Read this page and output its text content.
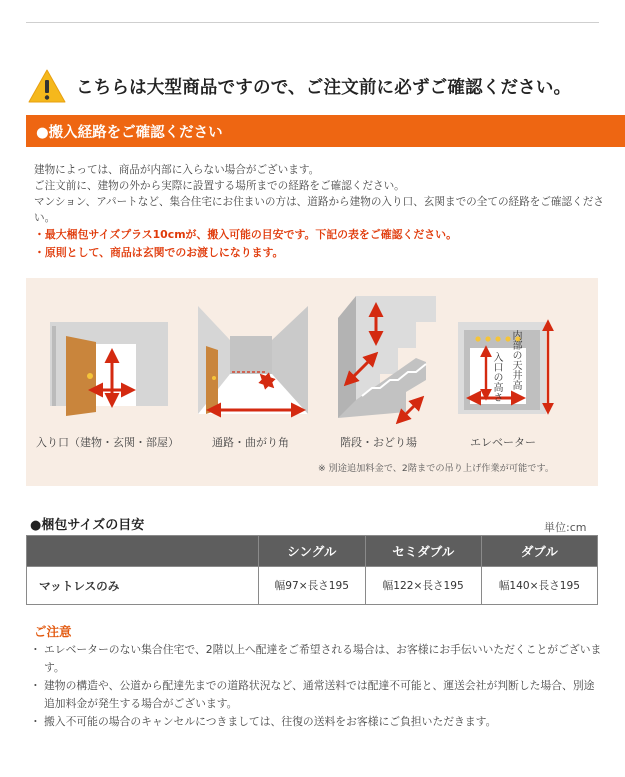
こちらは大型商品ですので、ご注文前に必ずご確認ください。
●搬入経路をご確認ください

建物によっては、商品が内部に入らない場合がございます。

ご注文前に、建物の外から実際に設置する場所までの経路をご確認ください。

マンション、アパートなど、集合住宅にお住まいの方は、道路から建物の入り口、玄関までの全ての経路をご確認ください。

・最大梱包サイズプラス10cmが、搬入可能の目安です。下記の表をご確認ください。

・原則として、商品は玄関でのお渡しになります。

内部の天井高
入口の高さ
入り口（建物・玄関・部屋）	通路・曲がり角	階段・おどり場	エレベーター
※ 別途追加料金で、2階までの吊り上げ作業が可能です。
●梱包サイズの目安	単位:cm
	シングル	セミダブル	ダブル
マットレスのみ	幅97×長さ195	幅122×長さ195	幅140×長さ195
ご注意
・ エレベーターのない集合住宅で、2階以上へ配達をご希望される場合は、お客様にお手伝いいただくことがございます。
・ 建物の構造や、公道から配達先までの道路状況など、通常送料では配達不可能と、運送会社が判断した場合、別途追加料金が発生する場合がございます。
・ 搬入不可能の場合のキャンセルにつきましては、往復の送料をお客様にご負担いただきます。
